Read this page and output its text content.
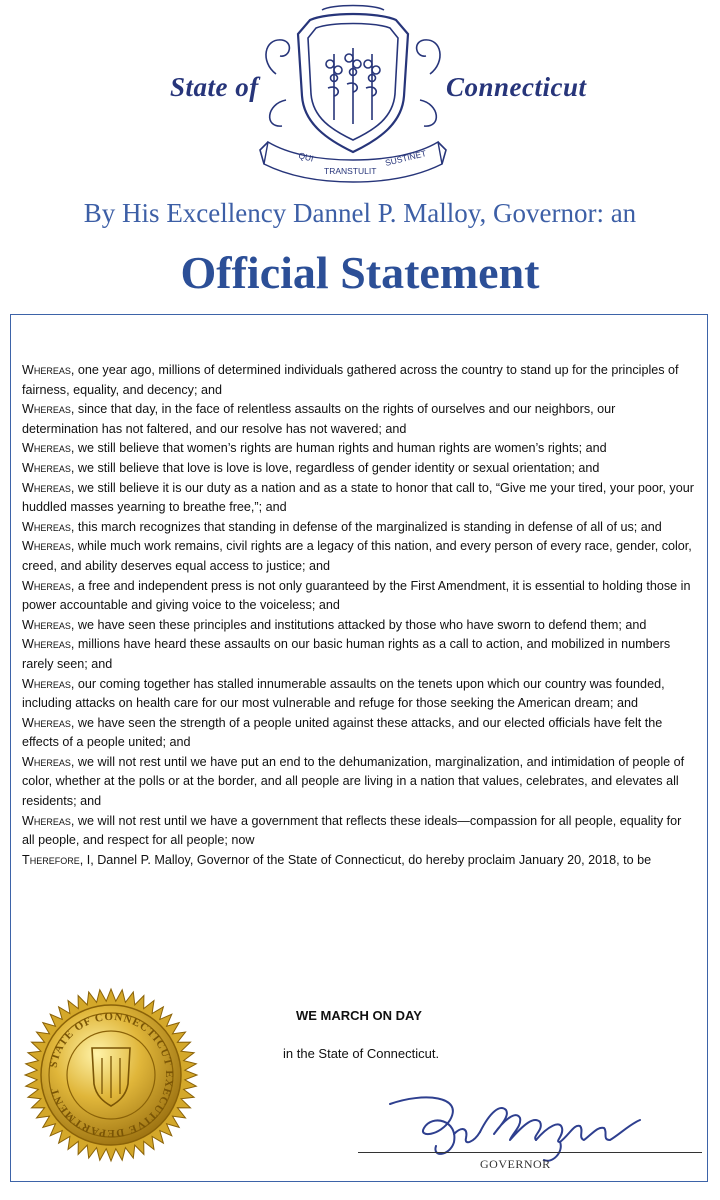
QUI
TRANSTULIT
SUSTINET
State of	Connecticut
By His Excellency Dannel P. Malloy, Governor: an
Official Statement

Whereas, one year ago, millions of determined individuals gathered across the country to stand up for the principles of fairness, equality, and decency; and

Whereas, since that day, in the face of relentless assaults on the rights of ourselves and our neighbors, our determination has not faltered, and our resolve has not wavered; and

Whereas, we still believe that women’s rights are human rights and human rights are women’s rights; and

Whereas, we still believe that love is love is love, regardless of gender identity or sexual orientation; and

Whereas, we still believe it is our duty as a nation and as a state to honor that call to, “Give me your tired, your poor, your huddled masses yearning to breathe free,”; and

Whereas, this march recognizes that standing in defense of the marginalized is standing in defense of all of us; and

Whereas, while much work remains, civil rights are a legacy of this nation, and every person of every race, gender, color, creed, and ability deserves equal access to justice; and

Whereas, a free and independent press is not only guaranteed by the First Amendment, it is essential to holding those in power accountable and giving voice to the voiceless; and

Whereas, we have seen these principles and institutions attacked by those who have sworn to defend them; and

Whereas, millions have heard these assaults on our basic human rights as a call to action, and mobilized in numbers rarely seen; and

Whereas, our coming together has stalled innumerable assaults on the tenets upon which our country was founded, including attacks on health care for our most vulnerable and refuge for those seeking the American dream; and

Whereas, we have seen the strength of a people united against these attacks, and our elected officials have felt the effects of a people united; and

Whereas, we will not rest until we have put an end to the dehumanization, marginalization, and intimidation of people of color, whether at the polls or at the border, and all people are living in a nation that values, celebrates, and elevates all residents; and

Whereas, we will not rest until we have a government that reflects these ideals—compassion for all people, equality for all people, and respect for all people; now

Therefore, I, Dannel P. Malloy, Governor of the State of Connecticut, do hereby proclaim January 20, 2018, to be

WE MARCH ON DAY
in the State of Connecticut.
STATE OF CONNECTICUT EXECUTIVE DEPARTMENT
GOVERNOR
